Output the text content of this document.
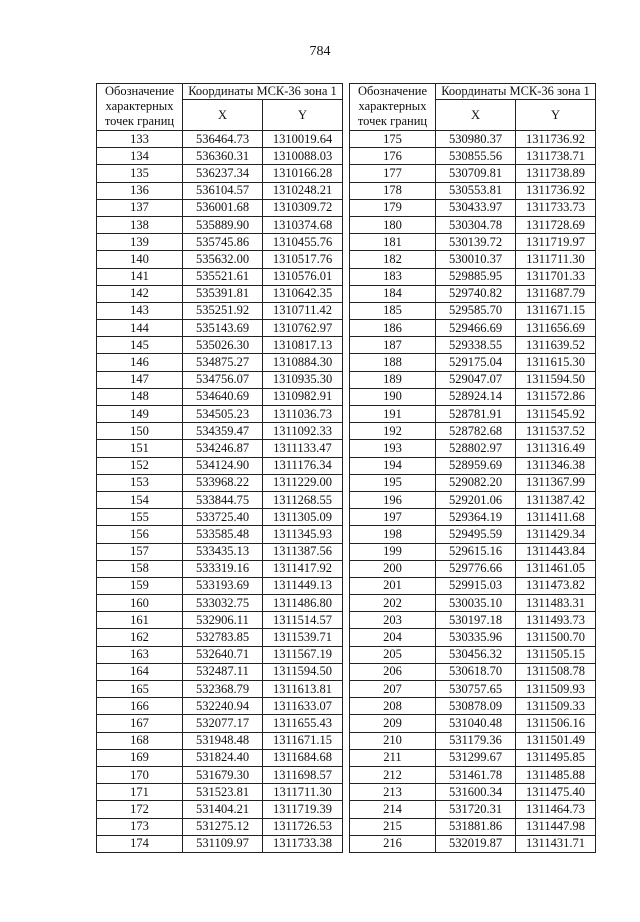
784
Обозначение характерных точек границ	Координаты МСК-36 зона 1	
	X	Y
133	536464.73	1310019.64
134	536360.31	1310088.03
135	536237.34	1310166.28
136	536104.57	1310248.21
137	536001.68	1310309.72
138	535889.90	1310374.68
139	535745.86	1310455.76
140	535632.00	1310517.76
141	535521.61	1310576.01
142	535391.81	1310642.35
143	535251.92	1310711.42
144	535143.69	1310762.97
145	535026.30	1310817.13
146	534875.27	1310884.30
147	534756.07	1310935.30
148	534640.69	1310982.91
149	534505.23	1311036.73
150	534359.47	1311092.33
151	534246.87	1311133.47
152	534124.90	1311176.34
153	533968.22	1311229.00
154	533844.75	1311268.55
155	533725.40	1311305.09
156	533585.48	1311345.93
157	533435.13	1311387.56
158	533319.16	1311417.92
159	533193.69	1311449.13
160	533032.75	1311486.80
161	532906.11	1311514.57
162	532783.85	1311539.71
163	532640.71	1311567.19
164	532487.11	1311594.50
165	532368.79	1311613.81
166	532240.94	1311633.07
167	532077.17	1311655.43
168	531948.48	1311671.15
169	531824.40	1311684.68
170	531679.30	1311698.57
171	531523.81	1311711.30
172	531404.21	1311719.39
173	531275.12	1311726.53
174	531109.97	1311733.38
Обозначение характерных точек границ	Координаты МСК-36 зона 1	
	X	Y
175	530980.37	1311736.92
176	530855.56	1311738.71
177	530709.81	1311738.89
178	530553.81	1311736.92
179	530433.97	1311733.73
180	530304.78	1311728.69
181	530139.72	1311719.97
182	530010.37	1311711.30
183	529885.95	1311701.33
184	529740.82	1311687.79
185	529585.70	1311671.15
186	529466.69	1311656.69
187	529338.55	1311639.52
188	529175.04	1311615.30
189	529047.07	1311594.50
190	528924.14	1311572.86
191	528781.91	1311545.92
192	528782.68	1311537.52
193	528802.97	1311316.49
194	528959.69	1311346.38
195	529082.20	1311367.99
196	529201.06	1311387.42
197	529364.19	1311411.68
198	529495.59	1311429.34
199	529615.16	1311443.84
200	529776.66	1311461.05
201	529915.03	1311473.82
202	530035.10	1311483.31
203	530197.18	1311493.73
204	530335.96	1311500.70
205	530456.32	1311505.15
206	530618.70	1311508.78
207	530757.65	1311509.93
208	530878.09	1311509.33
209	531040.48	1311506.16
210	531179.36	1311501.49
211	531299.67	1311495.85
212	531461.78	1311485.88
213	531600.34	1311475.40
214	531720.31	1311464.73
215	531881.86	1311447.98
216	532019.87	1311431.71
